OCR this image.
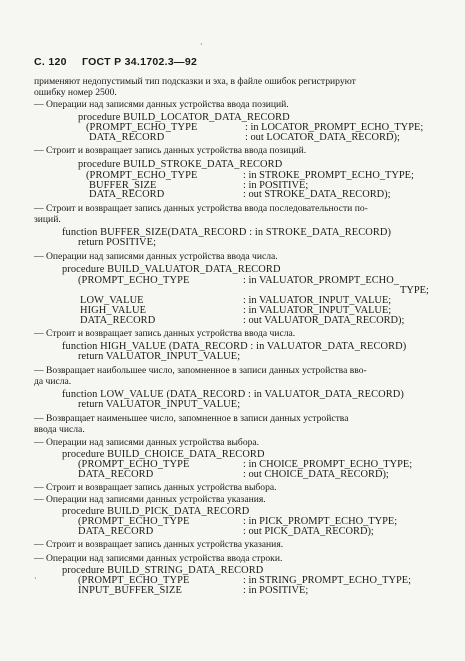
·
·
С. 120 ГОСТ Р 34.1702.3—92
применяют недопустимый тип подсказки и эха, в файле ошибок регистрируют
ошибку номер 2500.
— Операции над записями данных устройства ввода позиций.
procedure BUILD_LOCATOR_DATA_RECORD
(PROMPT_ECHO_TYPE	: in LOCATOR_PROMPT_ECHO_TYPE;
DATA_RECORD	: out LOCATOR_DATA_RECORD);
— Строит и возвращает запись данных устройства ввода позиций.
procedure BUILD_STROKE_DATA_RECORD
(PROMPT_ECHO_TYPE	: in STROKE_PROMPT_ECHO_TYPE;
BUFFER_SIZE	: in POSITIVE;
DATA_RECORD	: out STROKE_DATA_RECORD);
— Строит и возвращает запись данных устройства ввода последовательности по-
зиций.
function BUFFER_SIZE(DATA_RECORD : in STROKE_DATA_RECORD)
return POSITIVE;
— Операции над записями данных устройства ввода числа.
procedure BUILD_VALUATOR_DATA_RECORD
(PROMPT_ECHO_TYPE	: in VALUATOR_PROMPT_ECHO_
TYPE;
LOW_VALUE	: in VALUATOR_INPUT_VALUE;
HIGH_VALUE	: in VALUATOR_INPUT_VALUE;
DATA_RECORD	: out VALUATOR_DATA_RECORD);
— Строит и возвращает запись данных устройства ввода числа.
function HIGH_VALUE (DATA_RECORD : in VALUATOR_DATA_RECORD)
return VALUATOR_INPUT_VALUE;
— Возвращает наибольшее число, запомненное в записи данных устройства вво-
да числа.
function LOW_VALUE (DATA_RECORD : in VALUATOR_DATA_RECORD)
return VALUATOR_INPUT_VALUE;
— Возвращает наименьшее число, запомненное в записи данных устройства
ввода числа.
— Операции над записями данных устройства выбора.
procedure BUILD_CHOICE_DATA_RECORD
(PROMPT_ECHO_TYPE	: in CHOICE_PROMPT_ECHO_TYPE;
DATA_RECORD	: out CHOICE_DATA_RECORD);
— Строит и возвращает запись данных устройства выбора.
— Операции над записями данных устройства указания.
procedure BUILD_PICK_DATA_RECORD
(PROMPT_ECHO_TYPE	: in PICK_PROMPT_ECHO_TYPE;
DATA_RECORD	: out PICK_DATA_RECORD);
— Строит и возвращает запись данных устройства указания.
— Операции над записями данных устройства ввода строки.
procedure BUILD_STRING_DATA_RECORD
(PROMPT_ECHO_TYPE	: in STRING_PROMPT_ECHO_TYPE;
INPUT_BUFFER_SIZE	: in POSITIVE;
